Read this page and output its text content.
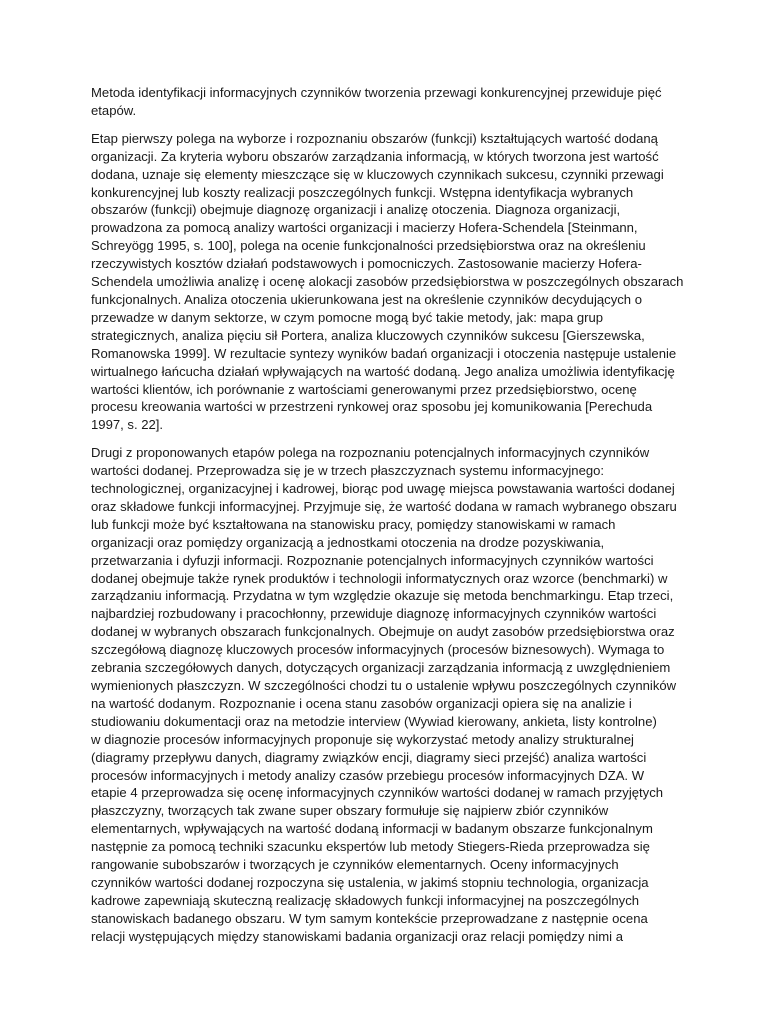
Metoda identyfikacji informacyjnych czynników tworzenia przewagi konkurencyjnej przewiduje pięć
etapów.

Etap pierwszy polega na wyborze i rozpoznaniu obszarów (funkcji) kształtujących wartość dodaną
organizacji. Za kryteria wyboru obszarów zarządzania informacją, w których tworzona jest wartość
dodana, uznaje się elementy mieszczące się w kluczowych czynnikach sukcesu, czynniki przewagi
konkurencyjnej lub koszty realizacji poszczególnych funkcji. Wstępna identyfikacja wybranych
obszarów (funkcji) obejmuje diagnozę organizacji i analizę otoczenia. Diagnoza organizacji,
prowadzona za pomocą analizy wartości organizacji i macierzy Hofera-Schendela [Steinmann,
Schreyögg 1995, s. 100], polega na ocenie funkcjonalności przedsiębiorstwa oraz na określeniu
rzeczywistych kosztów działań podstawowych i pomocniczych. Zastosowanie macierzy Hofera-
Schendela umożliwia analizę i ocenę alokacji zasobów przedsiębiorstwa w poszczególnych obszarach
funkcjonalnych. Analiza otoczenia ukierunkowana jest na określenie czynników decydujących o
przewadze w danym sektorze, w czym pomocne mogą być takie metody, jak: mapa grup
strategicznych, analiza pięciu sił Portera, analiza kluczowych czynników sukcesu [Gierszewska,
Romanowska 1999]. W rezultacie syntezy wyników badań organizacji i otoczenia następuje ustalenie
wirtualnego łańcucha działań wpływających na wartość dodaną. Jego analiza umożliwia identyfikację
wartości klientów, ich porównanie z wartościami generowanymi przez przedsiębiorstwo, ocenę
procesu kreowania wartości w przestrzeni rynkowej oraz sposobu jej komunikowania [Perechuda
1997, s. 22].

Drugi z proponowanych etapów polega na rozpoznaniu potencjalnych informacyjnych czynników
wartości dodanej. Przeprowadza się je w trzech płaszczyznach systemu informacyjnego:
technologicznej, organizacyjnej i kadrowej, biorąc pod uwagę miejsca powstawania wartości dodanej
oraz składowe funkcji informacyjnej. Przyjmuje się, że wartość dodana w ramach wybranego obszaru
lub funkcji może być kształtowana na stanowisku pracy, pomiędzy stanowiskami w ramach
organizacji oraz pomiędzy organizacją a jednostkami otoczenia na drodze pozyskiwania,
przetwarzania i dyfuzji informacji. Rozpoznanie potencjalnych informacyjnych czynników wartości
dodanej obejmuje także rynek produktów i technologii informatycznych oraz wzorce (benchmarki) w
zarządzaniu informacją. Przydatna w tym względzie okazuje się metoda benchmarkingu. Etap trzeci,
najbardziej rozbudowany i pracochłonny, przewiduje diagnozę informacyjnych czynników wartości
dodanej w wybranych obszarach funkcjonalnych. Obejmuje on audyt zasobów przedsiębiorstwa oraz
szczegółową diagnozę kluczowych procesów informacyjnych (procesów biznesowych). Wymaga to
zebrania szczegółowych danych, dotyczących organizacji zarządzania informacją z uwzględnieniem
wymienionych płaszczyzn. W szczególności chodzi tu o ustalenie wpływu poszczególnych czynników
na wartość dodanym. Rozpoznanie i ocena stanu zasobów organizacji opiera się na analizie i
studiowaniu dokumentacji oraz na metodzie interview (Wywiad kierowany, ankieta, listy kontrolne)
w diagnozie procesów informacyjnych proponuje się wykorzystać metody analizy strukturalnej
(diagramy przepływu danych, diagramy związków encji, diagramy sieci przejść) analiza wartości
procesów informacyjnych i metody analizy czasów przebiegu procesów informacyjnych DZA. W
etapie 4 przeprowadza się ocenę informacyjnych czynników wartości dodanej w ramach przyjętych
płaszczyzny, tworzących tak zwane super obszary formułuje się najpierw zbiór czynników
elementarnych, wpływających na wartość dodaną informacji w badanym obszarze funkcjonalnym
następnie za pomocą techniki szacunku ekspertów lub metody Stiegers-Rieda przeprowadza się
rangowanie subobszarów i tworzących je czynników elementarnych. Oceny informacyjnych
czynników wartości dodanej rozpoczyna się ustalenia, w jakimś stopniu technologia, organizacja
kadrowe zapewniają skuteczną realizację składowych funkcji informacyjnej na poszczególnych
stanowiskach badanego obszaru. W tym samym kontekście przeprowadzane z następnie ocena
relacji występujących między stanowiskami badania organizacji oraz relacji pomiędzy nimi a
